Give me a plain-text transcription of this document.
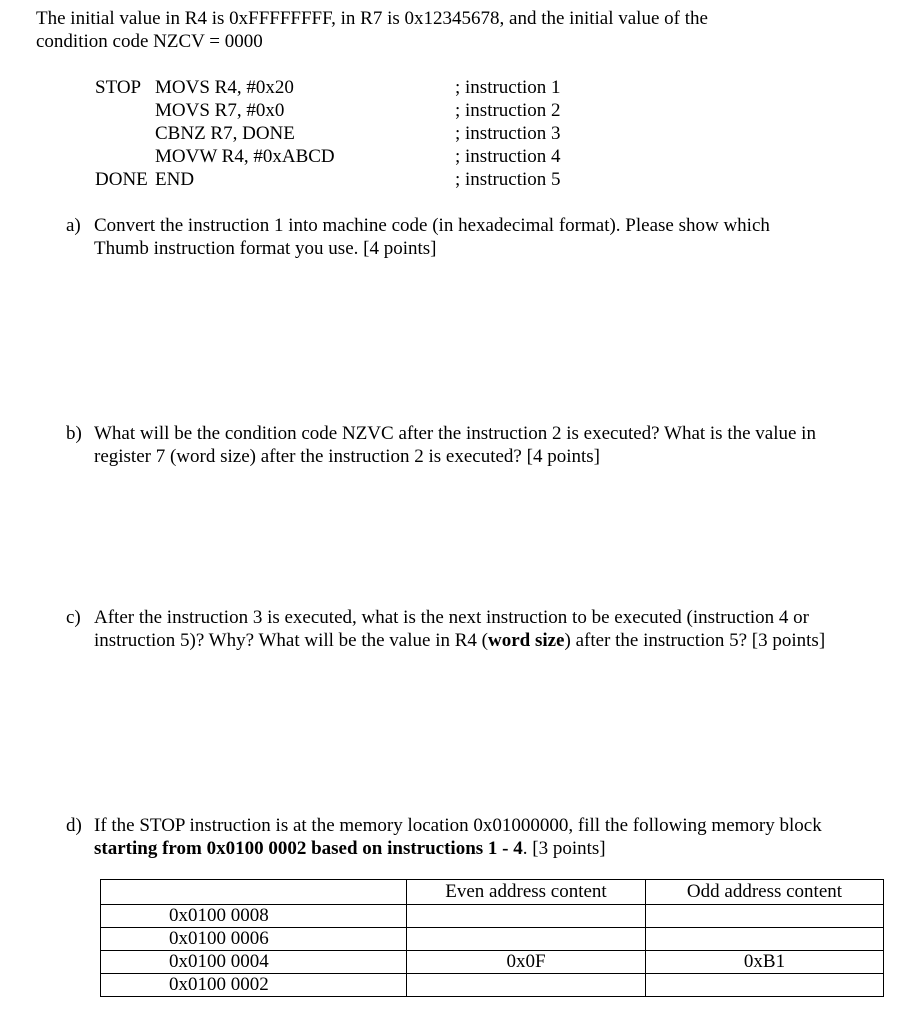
The initial value in R4 is 0xFFFFFFFF, in R7 is 0x12345678, and the initial value of the
condition code NZCV = 0000
STOP MOVS R4, #0x20	; instruction 1
MOVS R7, #0x0	; instruction 2
CBNZ R7, DONE	; instruction 3
MOVW R4, #0xABCD	; instruction 4
DONE END	; instruction 5
a) Convert the instruction 1 into machine code (in hexadecimal format). Please show which Thumb instruction format you use. [4 points]
b) What will be the condition code NZVC after the instruction 2 is executed? What is the value in register 7 (word size) after the instruction 2 is executed? [4 points]
c) After the instruction 3 is executed, what is the next instruction to be executed (instruction 4 or instruction 5)? Why? What will be the value in R4 (word size) after the instruction 5? [3 points]
d) If the STOP instruction is at the memory location 0x01000000, fill the following memory block starting from 0x0100 0002 based on instructions 1 - 4. [3 points]
	Even address content	Odd address content
0x0100 0008		
0x0100 0006		
0x0100 0004	0x0F	0xB1
0x0100 0002		
